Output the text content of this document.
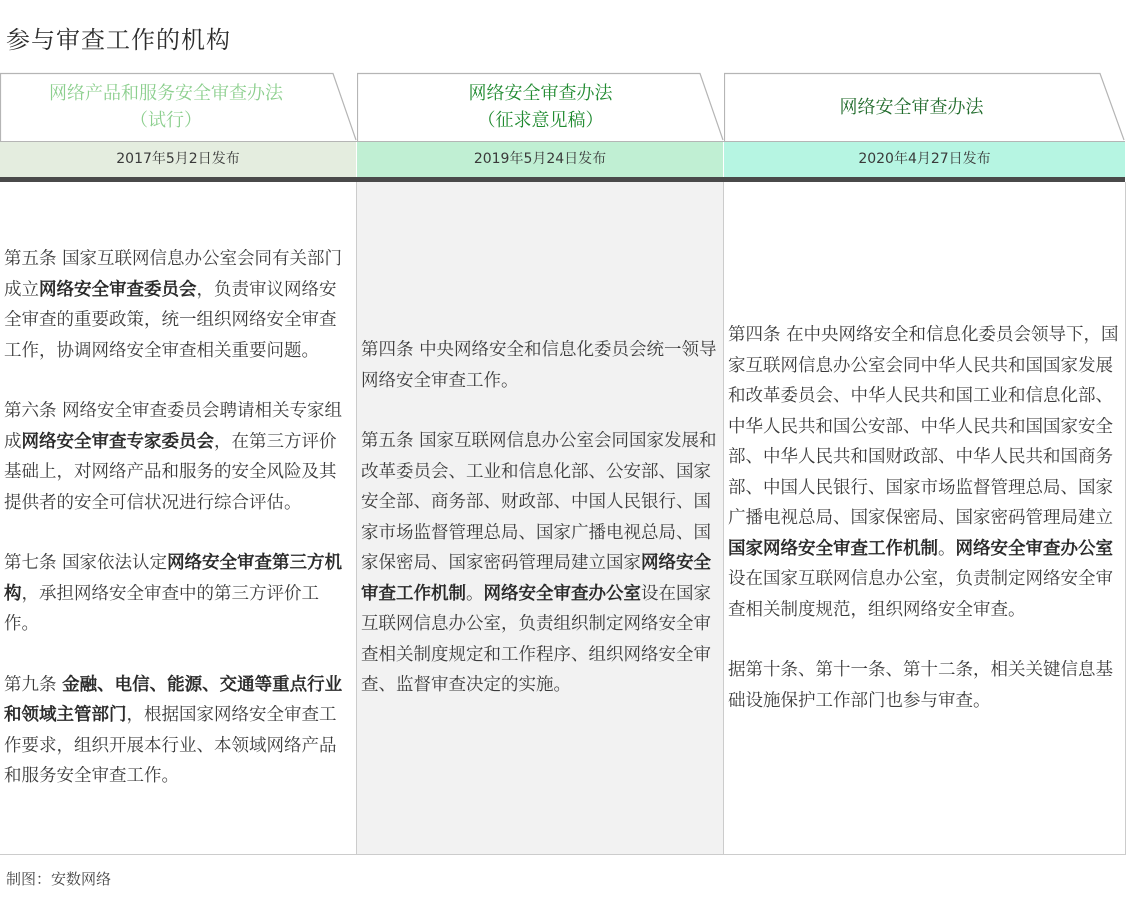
参与审查工作的机构
网络产品和服务安全审查办法
（试行）
2017年5月2日发布
网络安全审查办法
（征求意见稿）
2019年5月24日发布
网络安全审查办法
2020年4月27日发布

第五条 国家互联网信息办公室会同有关部门成立网络安全审查委员会，负责审议网络安全审查的重要政策，统一组织网络安全审查工作，协调网络安全审查相关重要问题。

第六条 网络安全审查委员会聘请相关专家组成网络安全审查专家委员会，在第三方评价基础上，对网络产品和服务的安全风险及其提供者的安全可信状况进行综合评估。

第七条 国家依法认定网络安全审查第三方机构，承担网络安全审查中的第三方评价工作。

第九条 金融、电信、能源、交通等重点行业和领域主管部门，根据国家网络安全审查工作要求，组织开展本行业、本领域网络产品和服务安全审查工作。

第四条 中央网络安全和信息化委员会统一领导网络安全审查工作。

第五条 国家互联网信息办公室会同国家发展和改革委员会、工业和信息化部、公安部、国家安全部、商务部、财政部、中国人民银行、国家市场监督管理总局、国家广播电视总局、国家保密局、国家密码管理局建立国家网络安全审查工作机制。网络安全审查办公室设在国家互联网信息办公室，负责组织制定网络安全审查相关制度规定和工作程序、组织网络安全审查、监督审查决定的实施。

第四条 在中央网络安全和信息化委员会领导下，国家互联网信息办公室会同中华人民共和国国家发展和改革委员会、中华人民共和国工业和信息化部、中华人民共和国公安部、中华人民共和国国家安全部、中华人民共和国财政部、中华人民共和国商务部、中国人民银行、国家市场监督管理总局、国家广播电视总局、国家保密局、国家密码管理局建立国家网络安全审查工作机制。网络安全审查办公室设在国家互联网信息办公室，负责制定网络安全审查相关制度规范，组织网络安全审查。

据第十条、第十一条、第十二条，相关关键信息基础设施保护工作部门也参与审查。

制图：安数网络
